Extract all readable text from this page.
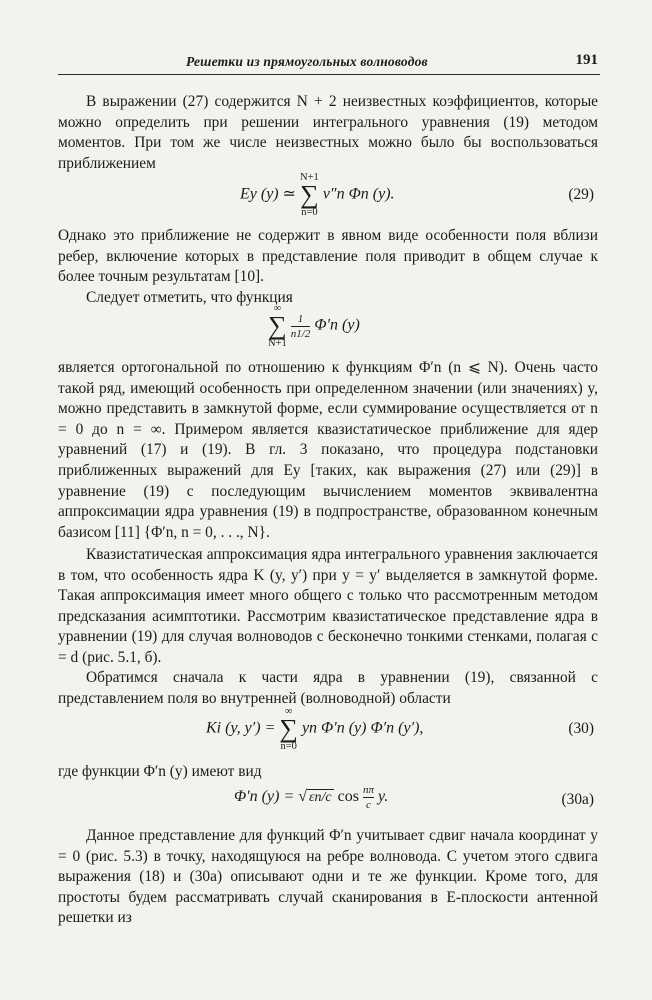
Решетки из прямоугольных волноводов	191
В выражении (27) содержится N + 2 неизвестных коэффициентов, которые можно определить при решении интегрального уравнения (19) методом моментов. При том же числе неизвестных можно было бы воспользоваться приближением
Ey (y) ≃
N+1
∑
n=0
v″n Φn (y).	(29)
Однако это приближение не содержит в явном виде особенности поля вблизи ребер, включение которых в представление поля приводит в общем случае к более точным результатам [10].
Следует отметить, что функция
∞
∑
N+1
$\frac{1}{n1/2} \Phi'n$ (y)
является ортогональной по отношению к функциям Φ′n (n ⩽ N). Очень часто такой ряд, имеющий особенность при определенном значении (или значениях) y, можно представить в замкнутой форме, если суммирование осуществляется от n = 0 до n = ∞. Примером является квазистатическое приближение для ядер уравнений (17) и (19). В гл. 3 показано, что процедура подстановки приближенных выражений для Ey [таких, как выражения (27) или (29)] в уравнение (19) с последующим вычислением моментов эквивалентна аппроксимации ядра уравнения (19) в подпространстве, образованном конечным базисом [11] {Φ′n, n = 0, . . ., N}.
Квазистатическая аппроксимация ядра интегрального уравнения заключается в том, что особенность ядра K (y, y′) при y = y′ выделяется в замкнутой форме. Такая аппроксимация имеет много общего с только что рассмотренным методом предсказания асимптотики. Рассмотрим квазистатическое представление ядра в уравнении (19) для случая волноводов с бесконечно тонкими стенками, полагая c = d (рис. 5.1, б).
Обратимся сначала к части ядра в уравнении (19), связанной с представлением поля во внутренней (волноводной) области
Ki (y, y′) =
∞
∑
n=0
yn Φ′n (y) Φ′n (y′),	(30)
где функции Φ′n (y) имеют вид
Φ′n (y) = √ εn/c $\cos \frac{n\pi}{c} y$.	(30а)
Данное представление для функций Φ′n учитывает сдвиг начала координат y = 0 (рис. 5.3) в точку, находящуюся на ребре волновода. С учетом этого сдвига выражения (18) и (30а) описывают одни и те же функции. Кроме того, для простоты будем рассматривать случай сканирования в E-плоскости антенной решетки из
